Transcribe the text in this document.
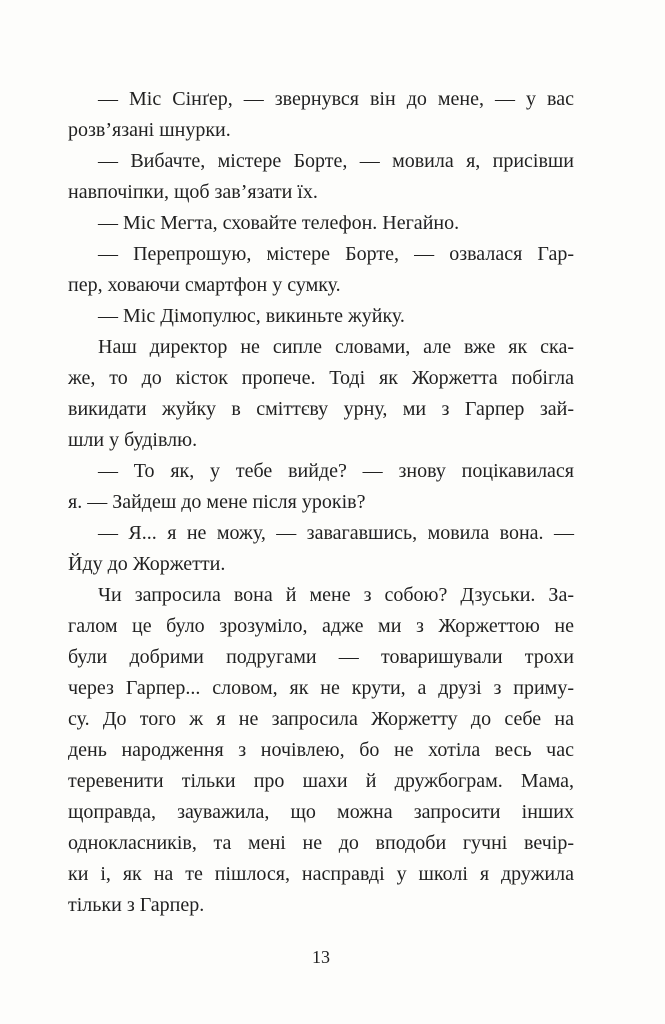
— Міс Сінґер, — звернувся він до мене, — у вас
розв’язані шнурки.

— Вибачте, містере Борте, — мовила я, присівши
навпочіпки, щоб зав’язати їх.

— Міс Мегта, сховайте телефон. Негайно.

— Перепрошую, містере Борте, — озвалася Гар-
пер, ховаючи смартфон у сумку.

— Міс Дімопулюс, викиньте жуйку.

Наш директор не сипле словами, але вже як ска-
же, то до кісток пропече. Тоді як Жоржетта побігла
викидати жуйку в сміттєву урну, ми з Гарпер зай-
шли у будівлю.

— То як, у тебе вийде? — знову поцікавилася
я. — Зайдеш до мене після уроків?

— Я... я не можу, — завагавшись, мовила вона. —
Йду до Жоржетти.

Чи запросила вона й мене з собою? Дзуськи. За-
галом це було зрозуміло, адже ми з Жоржеттою не
були добрими подругами — товаришували трохи
через Гарпер... словом, як не крути, а друзі з приму-
су. До того ж я не запросила Жоржетту до себе на
день народження з ночівлею, бо не хотіла весь час
теревенити тільки про шахи й дружбограм. Мама,
щоправда, зауважила, що можна запросити інших
однокласників, та мені не до вподоби гучні вечір-
ки і, як на те пішлося, насправді у школі я дружила
тільки з Гарпер.

13
